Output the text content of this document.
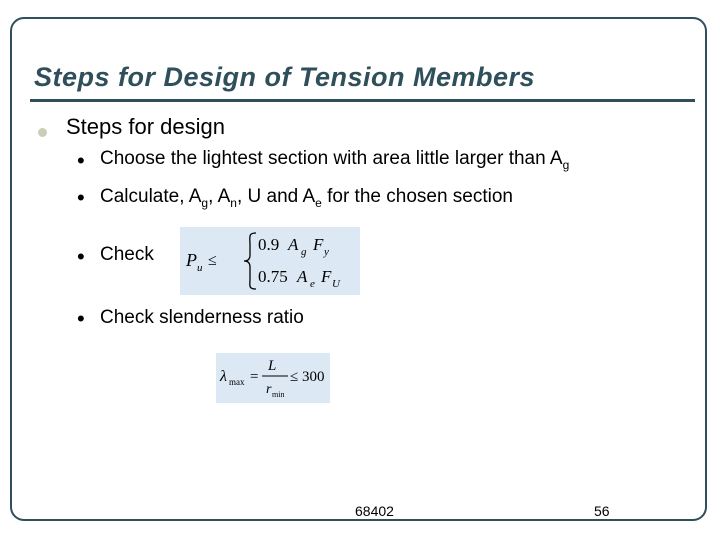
Steps for Design of Tension Members
Steps for design
• Choose the lightest section with area little larger than $A_g$
• Calculate, $A_g$, $A_n$, U and $A_e$ for the chosen section
• Check P u ≤
0.9 A g F y
0.75 A e F U
• Check slenderness ratio
λ max =
L
r min
≤ 300
68402	56
